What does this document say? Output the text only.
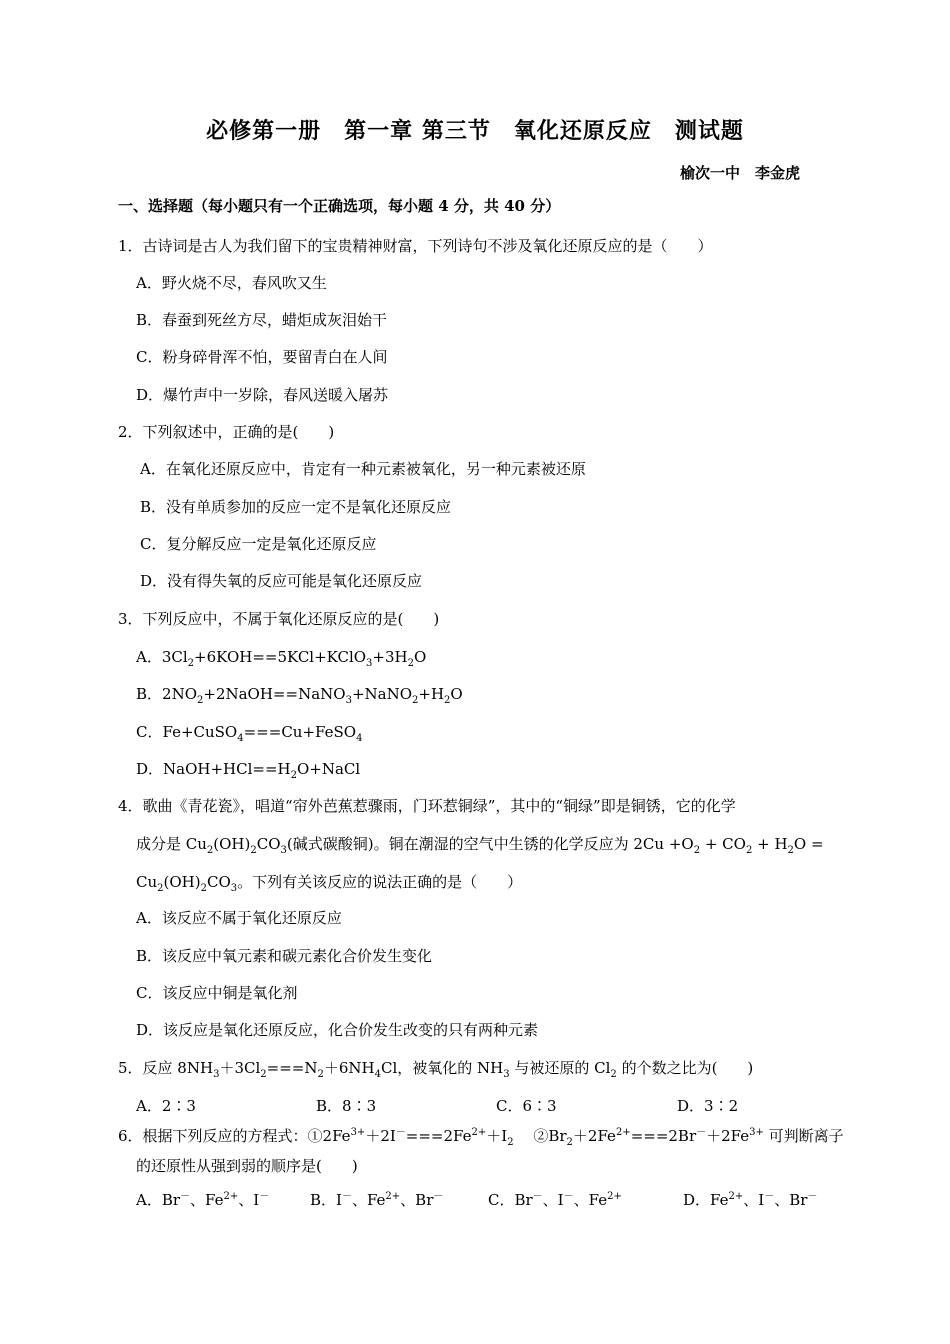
必修第一册　第一章 第三节　氧化还原反应　测试题
榆次一中　李金虎
一、选择题（每小题只有一个正确选项，每小题 4 分，共 40 分）
1．古诗词是古人为我们留下的宝贵精神财富，下列诗句不涉及氧化还原反应的是（　　）
A．野火烧不尽，春风吹又生
B．春蚕到死丝方尽，蜡炬成灰泪始干
C．粉身碎骨浑不怕，要留青白在人间
D．爆竹声中一岁除，春风送暖入屠苏
2．下列叙述中，正确的是(　　)
A．在氧化还原反应中，肯定有一种元素被氧化，另一种元素被还原
B．没有单质参加的反应一定不是氧化还原反应
C．复分解反应一定是氧化还原反应
D．没有得失氧的反应可能是氧化还原反应
3．下列反应中，不属于氧化还原反应的是(　　)
A．$3Cl_2+6KOH==5KCl+KClO_3+3H_2O$
B．$2NO_2+2NaOH==NaNO_3+NaNO_2+H_2O$
C．Fe+CuSO$_4$===Cu+FeSO$_4$
D．$NaOH+HCl==H_2O+NaCl$
4．歌曲《青花瓷》，唱道“帘外芭蕉惹骤雨，门环惹铜绿”，其中的“铜绿”即是铜锈，它的化学
成分是 $Cu_2(OH)_2CO_3$(碱式碳酸铜)。铜在潮湿的空气中生锈的化学反应为 $2Cu +O_2 + CO_2 + H_2O$ =
$Cu_2(OH)_2CO_3$。下列有关该反应的说法正确的是（　　）
A．该反应不属于氧化还原反应
B．该反应中氧元素和碳元素化合价发生变化
C．该反应中铜是氧化剂
D．该反应是氧化还原反应，化合价发生改变的只有两种元素
5．反应 $8NH_3+3Cl_2===N_2+6NH_4Cl$，被氧化的 $NH_3$ 与被还原的 $Cl_2$ 的个数之比为(　　)
A．2∶3	B．8∶3	C．6∶3	D．3∶2
6．根据下列反应的方程式：$①2Fe^{3+}+2I^-===2Fe^{2+}+I_2$　 $②Br_2+2Fe^{2+}===2Br^-+2Fe^{3+}$ 可判断离子
的还原性从强到弱的顺序是(　　)
A．Br－、$Fe^{2+}$、I－	B．I－、$Fe^{2+}$、Br－	C．Br－、I－、$Fe^{2+}$	D．$Fe^{2+}$、I－、Br－
